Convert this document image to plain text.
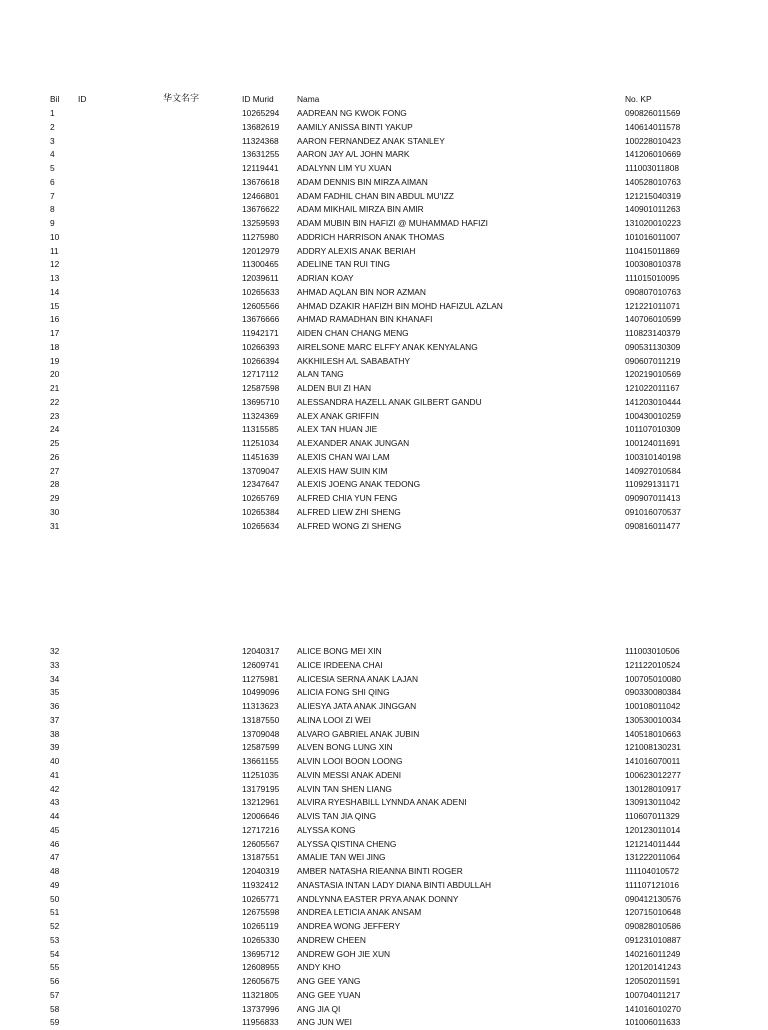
Bil	ID	华文名字	ID Murid	Nama	No. KP
1	10265294	AADREAN NG KWOK FONG	090826011569
2	13682619	AAMILY ANISSA BINTI YAKUP	140614011578
3	11324368	AARON FERNANDEZ ANAK STANLEY	100228010423
4	13631255	AARON JAY A/L JOHN MARK	141206010669
5	12119441	ADALYNN LIM YU XUAN	111003011808
6	13676618	ADAM DENNIS BIN MIRZA AIMAN	140528010763
7	12466801	ADAM FADHIL CHAN BIN ABDUL MU'IZZ	121215040319
8	13676622	ADAM MIKHAIL MIRZA BIN AMIR	140901011263
9	13259593	ADAM MUBIN BIN HAFIZI @ MUHAMMAD HAFIZI	131020010223
10	11275980	ADDRICH HARRISON ANAK THOMAS	101016011007
11	12012979	ADDRY ALEXIS ANAK BERIAH	110415011869
12	11300465	ADELINE TAN RUI TING	100308010378
13	12039611	ADRIAN KOAY	111015010095
14	10265633	AHMAD AQLAN BIN NOR AZMAN	090807010763
15	12605566	AHMAD DZAKIR HAFIZH BIN MOHD HAFIZUL AZLAN	121221011071
16	13676666	AHMAD RAMADHAN BIN KHANAFI	140706010599
17	11942171	AIDEN CHAN CHANG MENG	110823140379
18	10266393	AIRELSONE MARC ELFFY ANAK KENYALANG	090531130309
19	10266394	AKKHILESH A/L SABABATHY	090607011219
20	12717112	ALAN TANG	120219010569
21	12587598	ALDEN BUI ZI HAN	121022011167
22	13695710	ALESSANDRA HAZELL ANAK GILBERT GANDU	141203010444
23	11324369	ALEX ANAK GRIFFIN	100430010259
24	11315585	ALEX TAN HUAN JIE	101107010309
25	11251034	ALEXANDER ANAK JUNGAN	100124011691
26	11451639	ALEXIS CHAN WAI LAM	100310140198
27	13709047	ALEXIS HAW SUIN KIM	140927010584
28	12347647	ALEXIS JOENG ANAK TEDONG	110929131171
29	10265769	ALFRED CHIA YUN FENG	090907011413
30	10265384	ALFRED LIEW ZHI SHENG	091016070537
31	10265634	ALFRED WONG ZI SHENG	090816011477
32	12040317	ALICE BONG MEI XIN	111003010506
33	12609741	ALICE IRDEENA CHAI	121122010524
34	11275981	ALICESIA SERNA ANAK LAJAN	100705010080
35	10499096	ALICIA FONG SHI QING	090330080384
36	11313623	ALIESYA JATA ANAK JINGGAN	100108011042
37	13187550	ALINA LOOI ZI WEI	130530010034
38	13709048	ALVARO GABRIEL ANAK JUBIN	140518010663
39	12587599	ALVEN BONG LUNG XIN	121008130231
40	13661155	ALVIN LOOI BOON LOONG	141016070011
41	11251035	ALVIN MESSI ANAK ADENI	100623012277
42	13179195	ALVIN TAN SHEN LIANG	130128010917
43	13212961	ALVIRA RYESHABILL LYNNDA ANAK ADENI	130913011042
44	12006646	ALVIS TAN JIA QING	110607011329
45	12717216	ALYSSA KONG	120123011014
46	12605567	ALYSSA QISTINA CHENG	121214011444
47	13187551	AMALIE TAN WEI JING	131222011064
48	12040319	AMBER NATASHA RIEANNA BINTI ROGER	111104010572
49	11932412	ANASTASIA INTAN LADY DIANA BINTI ABDULLAH	111107121016
50	10265771	ANDLYNNA EASTER PRYA ANAK DONNY	090412130576
51	12675598	ANDREA LETICIA ANAK ANSAM	120715010648
52	10265119	ANDREA WONG JEFFERY	090828010586
53	10265330	ANDREW CHEEN	091231010887
54	13695712	ANDREW GOH JIE XUN	140216011249
55	12608955	ANDY KHO	120120141243
56	12605675	ANG GEE YANG	120502011591
57	11321805	ANG GEE YUAN	100704011217
58	13737996	ANG JIA QI	141016010270
59	11956833	ANG JUN WEI	101006011633
